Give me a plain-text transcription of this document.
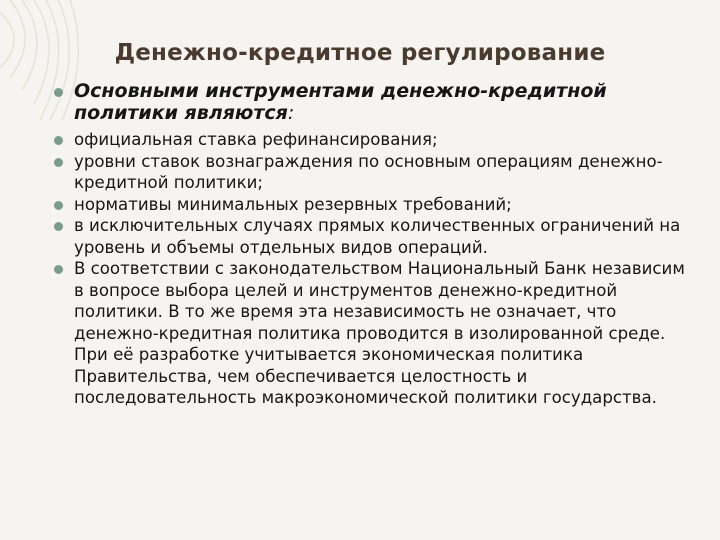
Денежно-кредитное регулирование
Основными инструментами денежно-кредитной политики являются:
официальная ставка рефинансирования;
уровни ставок вознаграждения по основным операциям денежно-кредитной политики;
нормативы минимальных резервных требований;
в исключительных случаях прямых количественных ограничений на уровень и объемы отдельных видов операций.
В соответствии с законодательством Национальный Банк независим в вопросе выбора целей и инструментов денежно-кредитной политики. В то же время эта независимость не означает, что денежно-кредитная политика проводится в изолированной среде. При её разработке учитывается экономическая политика Правительства, чем обеспечивается целостность и последовательность макроэкономической политики государства.
